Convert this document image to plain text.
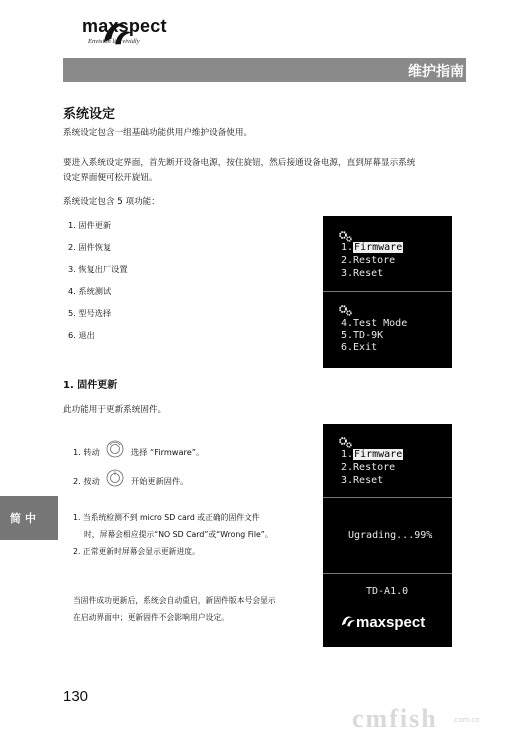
maxspect
Envision life vividly
维护指南
系统设定
系统设定包含一组基础功能供用户维护设备使用。
要进入系统设定界面，首先断开设备电源，按住旋钮，然后接通设备电源，直到屏幕显示系统
设定界面便可松开旋钮。
系统设定包含 5 项功能：
1. 固件更新
2. 固件恢复
3. 恢复出厂设置
4. 系统测试
5. 型号选择
6. 退出
1.Firmware
2.Restore
3.Reset
4.Test Mode
5.TD-9K
6.Exit
1. 固件更新
此功能用于更新系统固件。
1. 转动	选择 “Firmware”。
2. 按动	开始更新固件。
1. 当系统检测不到 micro SD card 或正确的固件文件
时，屏幕会相应提示“NO SD Card”或“Wrong File”。
2. 正常更新时屏幕会显示更新进度。
当固件成功更新后，系统会自动重启，新固件版本号会显示
在启动界面中；更新固件不会影响用户设定。
1.Firmware
2.Restore
3.Reset
Ugrading...99%
TD-A1.0
maxspect
简中
130
cmfish .com.cn
